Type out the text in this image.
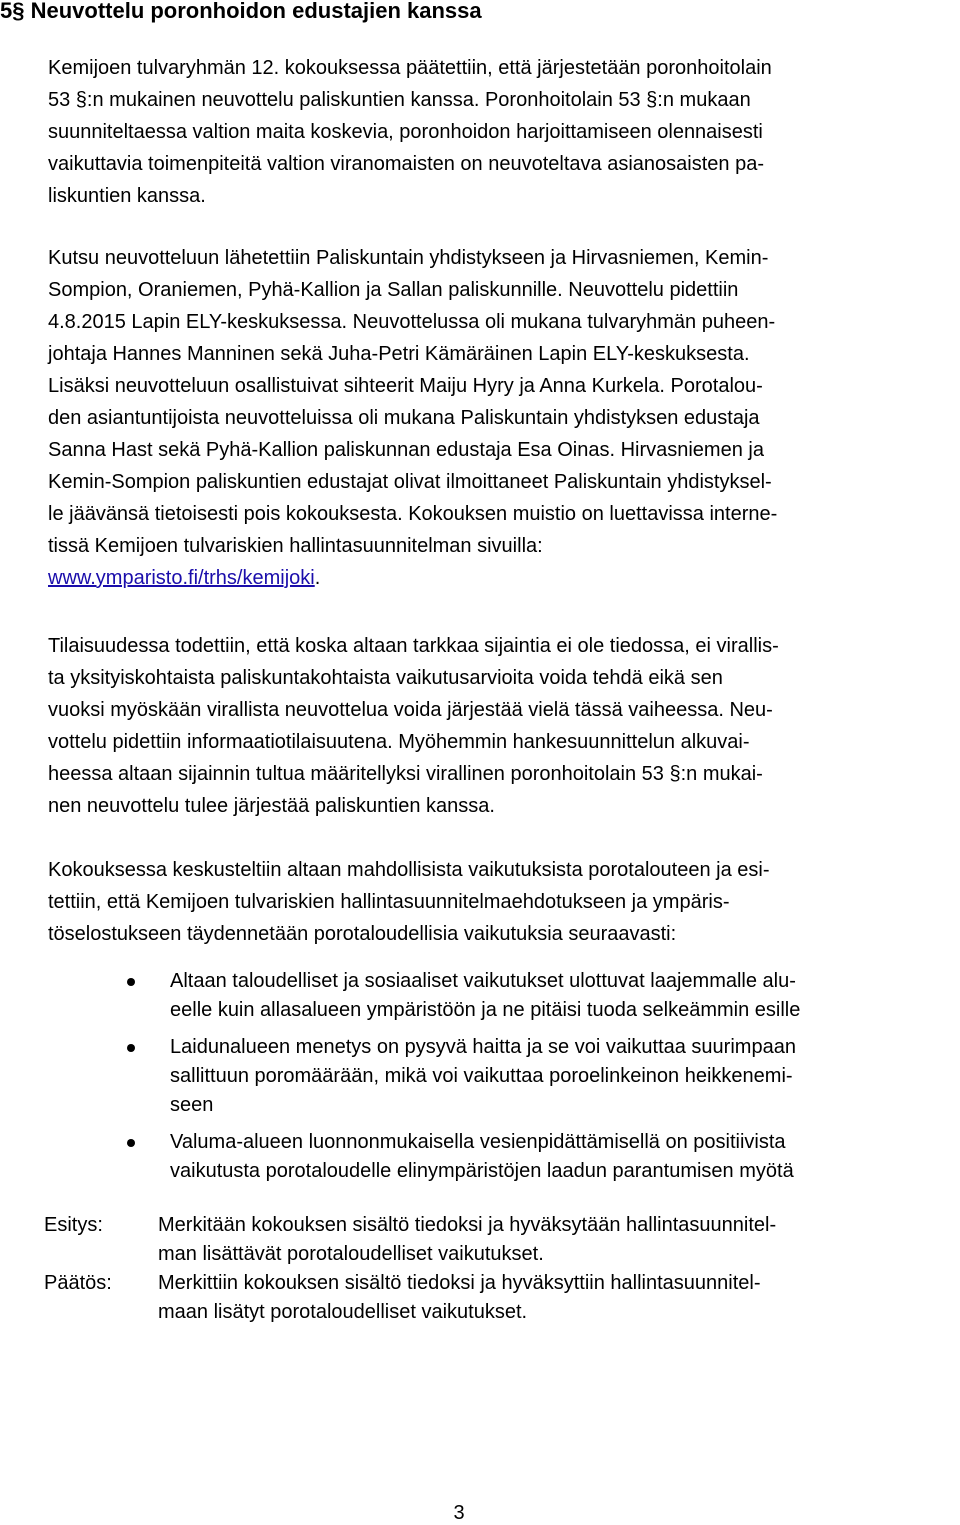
5§ Neuvottelu poronhoidon edustajien kanssa

Kemijoen tulvaryhmän 12. kokouksessa päätettiin, että järjestetään poronhoitolain
53 §:n mukainen neuvottelu paliskuntien kanssa. Poronhoitolain 53 §:n mukaan
suunniteltaessa valtion maita koskevia, poronhoidon harjoittamiseen olennaisesti
vaikuttavia toimenpiteitä valtion viranomaisten on neuvoteltava asianosaisten pa-
liskuntien kanssa.

Kutsu neuvotteluun lähetettiin Paliskuntain yhdistykseen ja Hirvasniemen, Kemin-
Sompion, Oraniemen, Pyhä-Kallion ja Sallan paliskunnille. Neuvottelu pidettiin
4.8.2015 Lapin ELY-keskuksessa. Neuvottelussa oli mukana tulvaryhmän puheen-
johtaja Hannes Manninen sekä Juha-Petri Kämäräinen Lapin ELY-keskuksesta.
Lisäksi neuvotteluun osallistuivat sihteerit Maiju Hyry ja Anna Kurkela. Porotalou-
den asiantuntijoista neuvotteluissa oli mukana Paliskuntain yhdistyksen edustaja
Sanna Hast sekä Pyhä-Kallion paliskunnan edustaja Esa Oinas. Hirvasniemen ja
Kemin-Sompion paliskuntien edustajat olivat ilmoittaneet Paliskuntain yhdistyksel-
le jäävänsä tietoisesti pois kokouksesta. Kokouksen muistio on luettavissa interne-
tissä Kemijoen tulvariskien hallintasuunnitelman sivuilla:
www.ymparisto.fi/trhs/kemijoki.

Tilaisuudessa todettiin, että koska altaan tarkkaa sijaintia ei ole tiedossa, ei virallis-
ta yksityiskohtaista paliskuntakohtaista vaikutusarvioita voida tehdä eikä sen
vuoksi myöskään virallista neuvottelua voida järjestää vielä tässä vaiheessa. Neu-
vottelu pidettiin informaatiotilaisuutena. Myöhemmin hankesuunnittelun alkuvai-
heessa altaan sijainnin tultua määritellyksi virallinen poronhoitolain 53 §:n mukai-
nen neuvottelu tulee järjestää paliskuntien kanssa.

Kokouksessa keskusteltiin altaan mahdollisista vaikutuksista porotalouteen ja esi-
tettiin, että Kemijoen tulvariskien hallintasuunnitelmaehdotukseen ja ympäris-
töselostukseen täydennetään porotaloudellisia vaikutuksia seuraavasti:

Altaan taloudelliset ja sosiaaliset vaikutukset ulottuvat laajemmalle alu-
eelle kuin allasalueen ympäristöön ja ne pitäisi tuoda selkeämmin esille
Laidunalueen menetys on pysyvä haitta ja se voi vaikuttaa suurimpaan
sallittuun poromäärään, mikä voi vaikuttaa poroelinkeinon heikkenemi-
seen
Valuma-alueen luonnonmukaisella vesienpidättämisellä on positiivista
vaikutusta porotaloudelle elinympäristöjen laadun parantumisen myötä
Esitys:	Merkitään kokouksen sisältö tiedoksi ja hyväksytään hallintasuunnitel-
man lisättävät porotaloudelliset vaikutukset.
Päätös: Merkittiin kokouksen sisältö tiedoksi ja hyväksyttiin hallintasuunnitel-
maan lisätyt porotaloudelliset vaikutukset.
3
